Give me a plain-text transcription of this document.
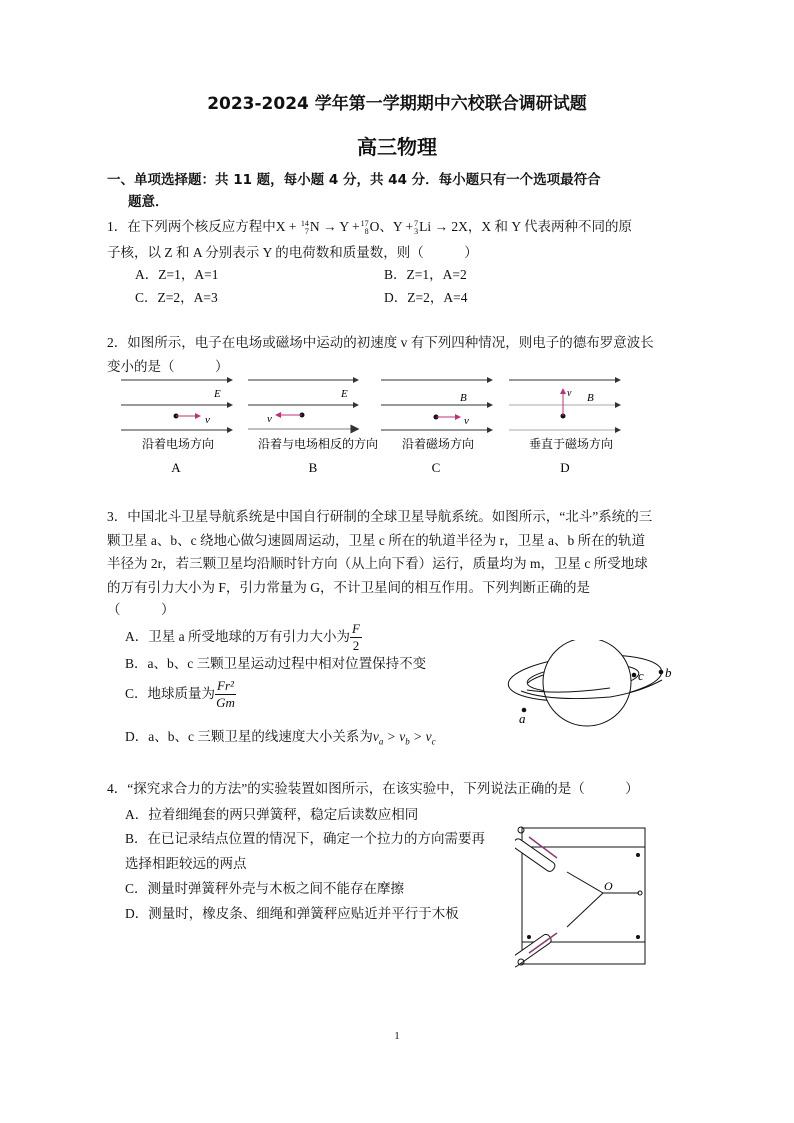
2023-2024 学年第一学期期中六校联合调研试题
高三物理
一、单项选择题：共 11 题，每小题 4 分，共 44 分．每小题只有一个选项最符合
题意．
1．在下列两个核反应方程中X + 14
7 N → Y + 17
8 O、Y + 7
3 Li → 2X，X 和 Y 代表两种不同的原
子核，以 Z 和 A 分别表示 Y 的电荷数和质量数，则（　　　）
A．Z=1，A=1	B．Z=1，A=2
C．Z=2，A=3	D．Z=2，A=4
2．如图所示，电子在电场或磁场中运动的初速度 v 有下列四种情况，则电子的德布罗意波长
变小的是（　　　）
E
v
沿着电场方向
A
E
v
沿着与电场相反的方向
B
B
v
沿着磁场方向
C
B
v
垂直于磁场方向
D
3．中国北斗卫星导航系统是中国自行研制的全球卫星导航系统。如图所示，“北斗”系统的三
颗卫星 a、b、c 绕地心做匀速圆周运动，卫星 c 所在的轨道半径为 r，卫星 a、b 所在的轨道
半径为 2r，若三颗卫星均沿顺时针方向（从上向下看）运行，质量均为 m，卫星 c 所受地球
的万有引力大小为 F，引力常量为 G，不计卫星间的相互作用。下列判断正确的是
（　　　）
A．卫星 a 所受地球的万有引力大小为 $\frac{F}{2}$
B．a、b、c 三颗卫星运动过程中相对位置保持不变
C．地球质量为 $\frac{\text{Fr²}}{Gm}$
D．a、b、c 三颗卫星的线速度大小关系为$v_a > v_b > v_c$
c b
a
4．“探究求合力的方法”的实验装置如图所示，在该实验中，下列说法正确的是（　　　）
A．拉着细绳套的两只弹簧秤，稳定后读数应相同
B．在已记录结点位置的情况下，确定一个拉力的方向需要再
选择相距较远的两点
C．测量时弹簧秤外壳与木板之间不能存在摩擦
D．测量时，橡皮条、细绳和弹簧秤应贴近并平行于木板
O
1
